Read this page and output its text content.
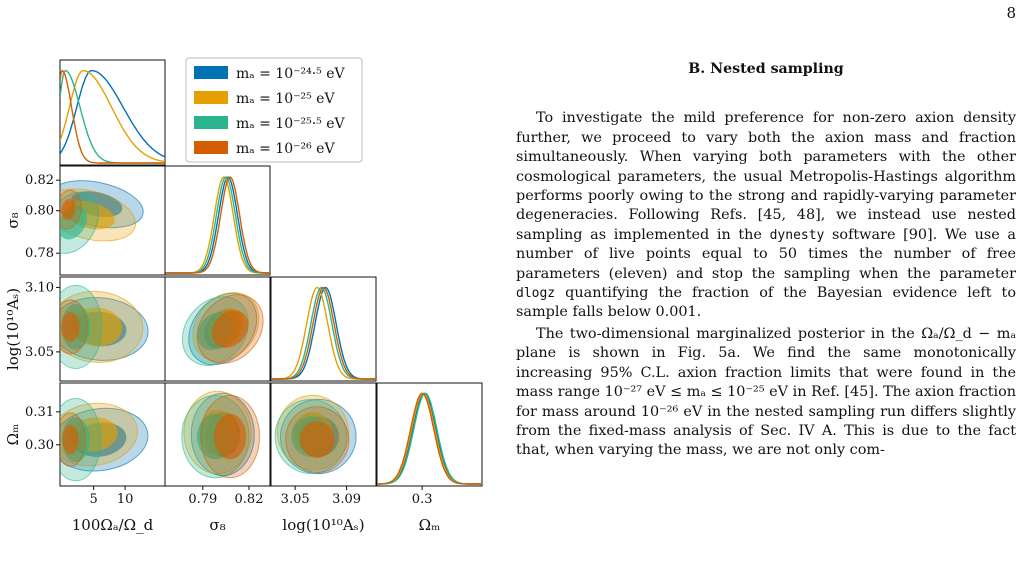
8
0.82
0.80
0.78
3.10
3.05
0.31
0.30
σ₈
log(10¹⁰Aₛ)
Ωₘ
5 10	0.79 0.82 3.05 3.09	0.3
100Ωₐ/Ω_d	σ₈	log(10¹⁰Aₛ)	Ωₘ
mₐ = 10⁻²⁴·⁵ eV
mₐ = 10⁻²⁵ eV
mₐ = 10⁻²⁵·⁵ eV
mₐ = 10⁻²⁶ eV
B. Nested sampling

To investigate the mild preference for non-zero axion density further, we proceed to vary both the axion mass and fraction simultaneously. When varying both parameters with the other cosmological parameters, the usual Metropolis-Hastings algorithm performs poorly owing to the strong and rapidly-varying parameter degeneracies. Following Refs. [45, 48], we instead use nested sampling as implemented in the dynesty software [90]. We use a number of live points equal to 50 times the number of free parameters (eleven) and stop the sampling when the parameter dlogz quantifying the fraction of the Bayesian evidence left to sample falls below 0.001.

The two-dimensional marginalized posterior in the Ωₐ/Ω_d − mₐ plane is shown in Fig. 5a. We find the same monotonically increasing 95% C.L. axion fraction limits that were found in the mass range 10⁻²⁷ eV ≤ mₐ ≤ 10⁻²⁵ eV in Ref. [45]. The axion fraction for mass around 10⁻²⁶ eV in the nested sampling run differs slightly from the fixed-mass analysis of Sec. IV A. This is due to the fact that, when varying the mass, we are not only com-
